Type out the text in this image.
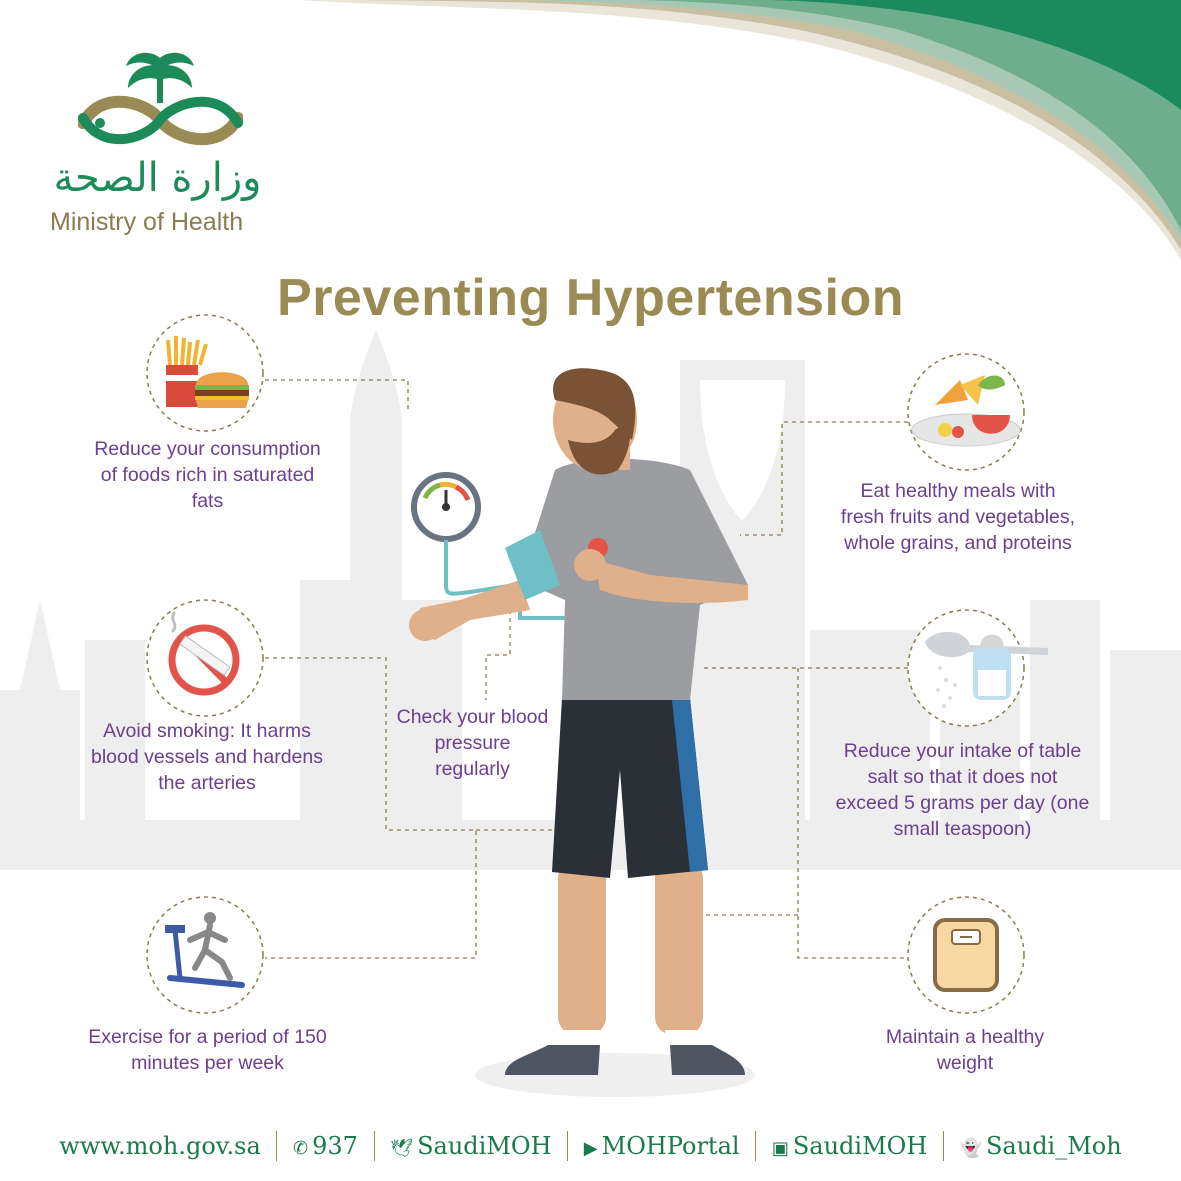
وزارة الصحة
Ministry of Health
Preventing Hypertension
Reduce your consumption of foods rich in saturated fats
Avoid smoking: It harms blood vessels and hardens the arteries
Exercise for a period of 150 minutes per week
Check your blood pressure regularly
Eat healthy meals with fresh fruits and vegetables, whole grains, and proteins
Reduce your intake of table salt so that it does not exceed 5 grams per day (one small teaspoon)
Maintain a healthy weight
www.moh.gov.sa ✆ 937 🕊 SaudiMOH ▶ MOHPortal ▣ SaudiMOH 👻 Saudi_Moh
